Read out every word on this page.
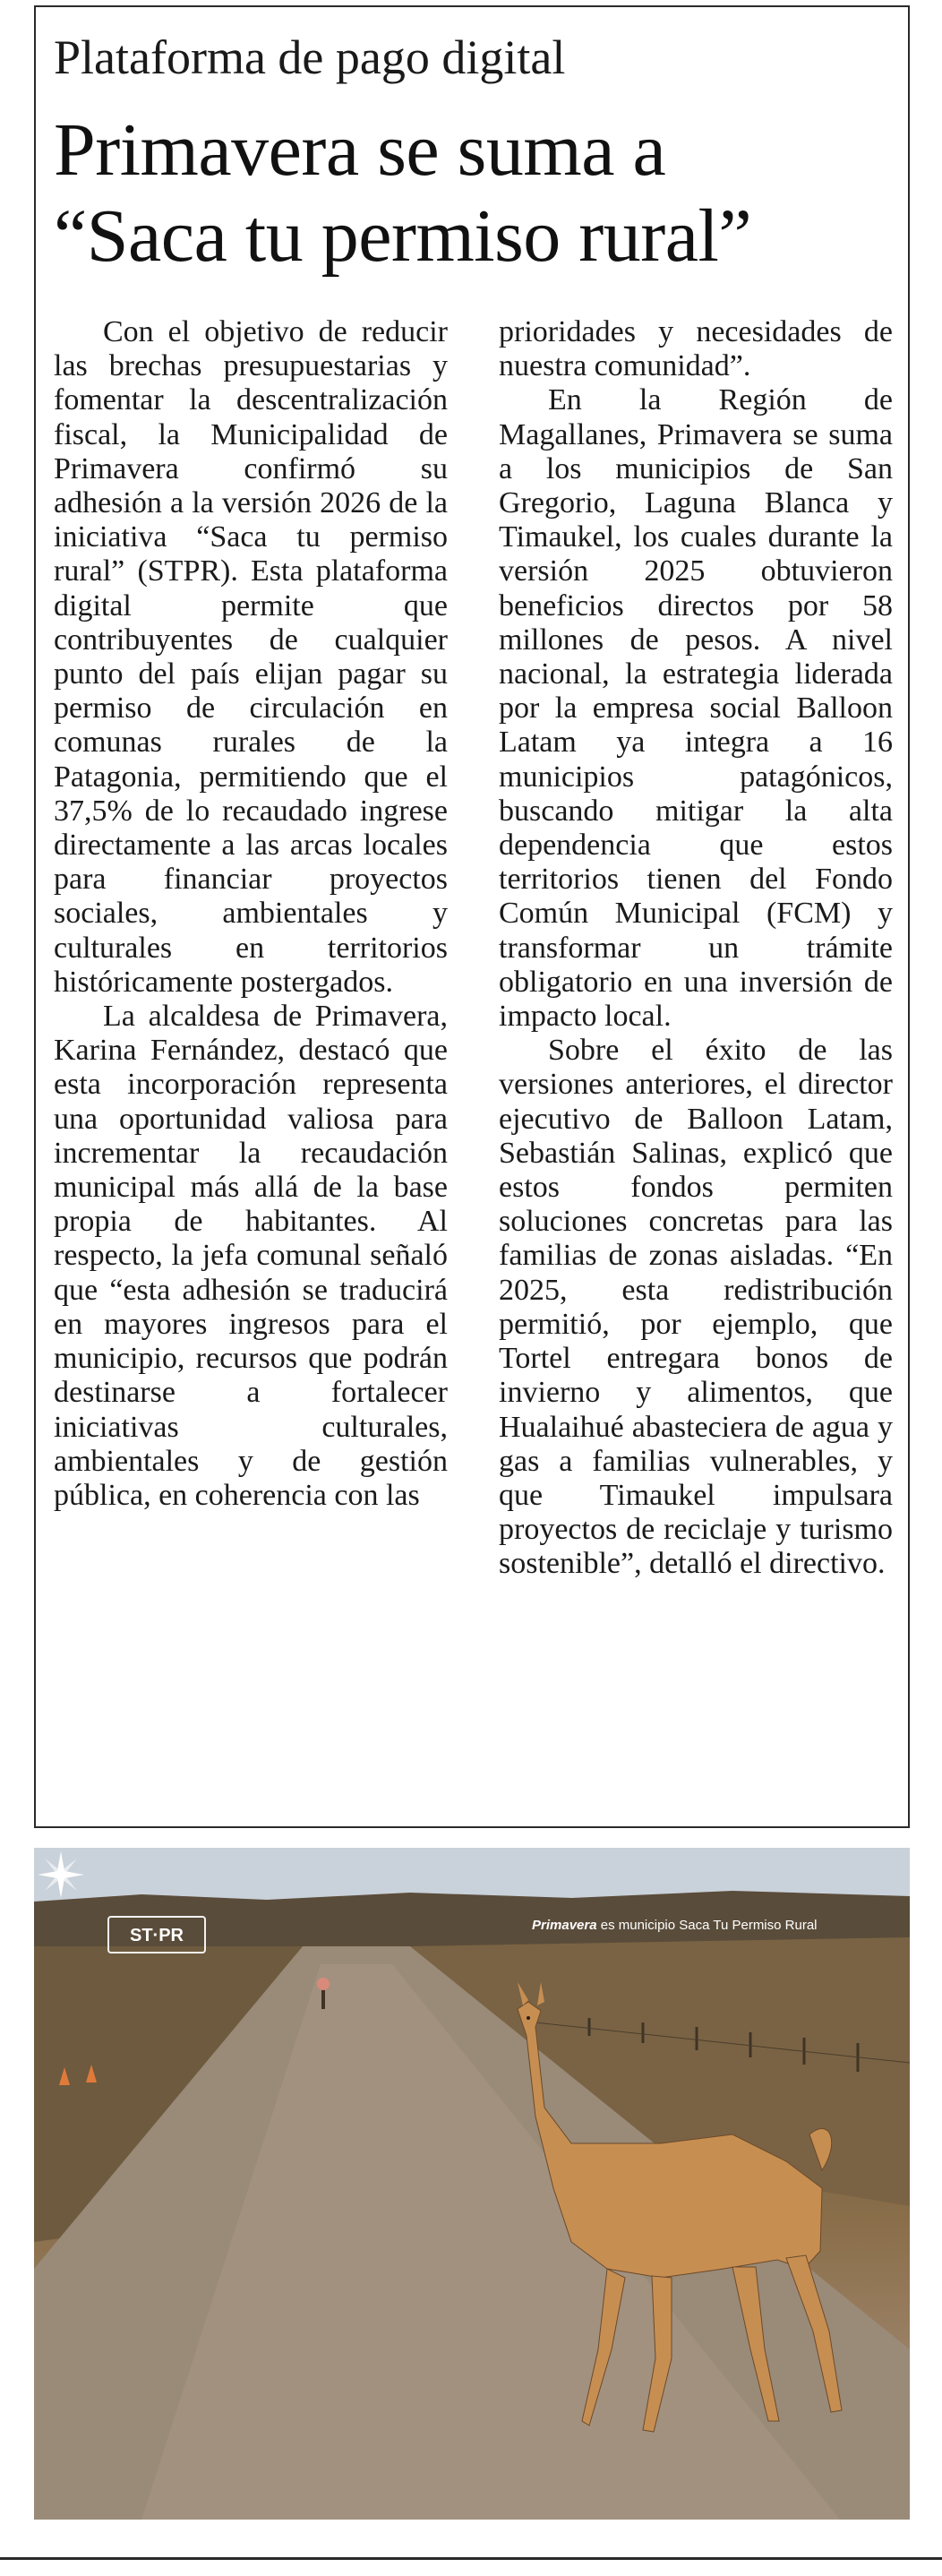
Plataforma de pago digital
Primavera se suma a
“Saca tu permiso rural”

Con el objetivo de reducir las brechas presupuestarias y fomentar la descentralización fiscal, la Municipalidad de Primavera confirmó su adhesión a la versión 2026 de la iniciativa “Saca tu permiso rural” (STPR). Esta plataforma digital permite que contribuyentes de cualquier punto del país elijan pagar su permiso de circulación en comunas rurales de la Patagonia, permitiendo que el 37,5% de lo recaudado ingrese directamente a las arcas locales para financiar proyectos sociales, ambientales y culturales en territorios históricamente postergados.

La alcaldesa de Primavera, Karina Fernández, destacó que esta incorporación representa una oportunidad valiosa para incrementar la recaudación municipal más allá de la base propia de habitantes. Al respecto, la jefa comunal señaló que “esta adhesión se traducirá en mayores ingresos para el municipio, recursos que podrán destinarse a fortalecer iniciativas culturales, ambientales y de gestión pública, en coherencia con las

prioridades y necesidades de nuestra comunidad”.

En la Región de Magallanes, Primavera se suma a los municipios de San Gregorio, Laguna Blanca y Timaukel, los cuales durante la versión 2025 obtuvieron beneficios directos por 58 millones de pesos. A nivel nacional, la estrategia liderada por la empresa social Balloon Latam ya integra a 16 municipios patagónicos, buscando mitigar la alta dependencia que estos territorios tienen del Fondo Común Municipal (FCM) y transformar un trámite obligatorio en una inversión de impacto local.

Sobre el éxito de las versiones anteriores, el director ejecutivo de Balloon Latam, Sebastián Salinas, explicó que estos fondos permiten soluciones concretas para las familias de zonas aisladas. “En 2025, esta redistribución permitió, por ejemplo, que Tortel entregara bonos de invierno y alimentos, que Hualaihué abasteciera de agua y gas a familias vulnerables, y que Timaukel impulsara proyectos de reciclaje y turismo sostenible”, detalló el directivo.

ST·PR
Primavera es municipio Saca Tu Permiso Rural
